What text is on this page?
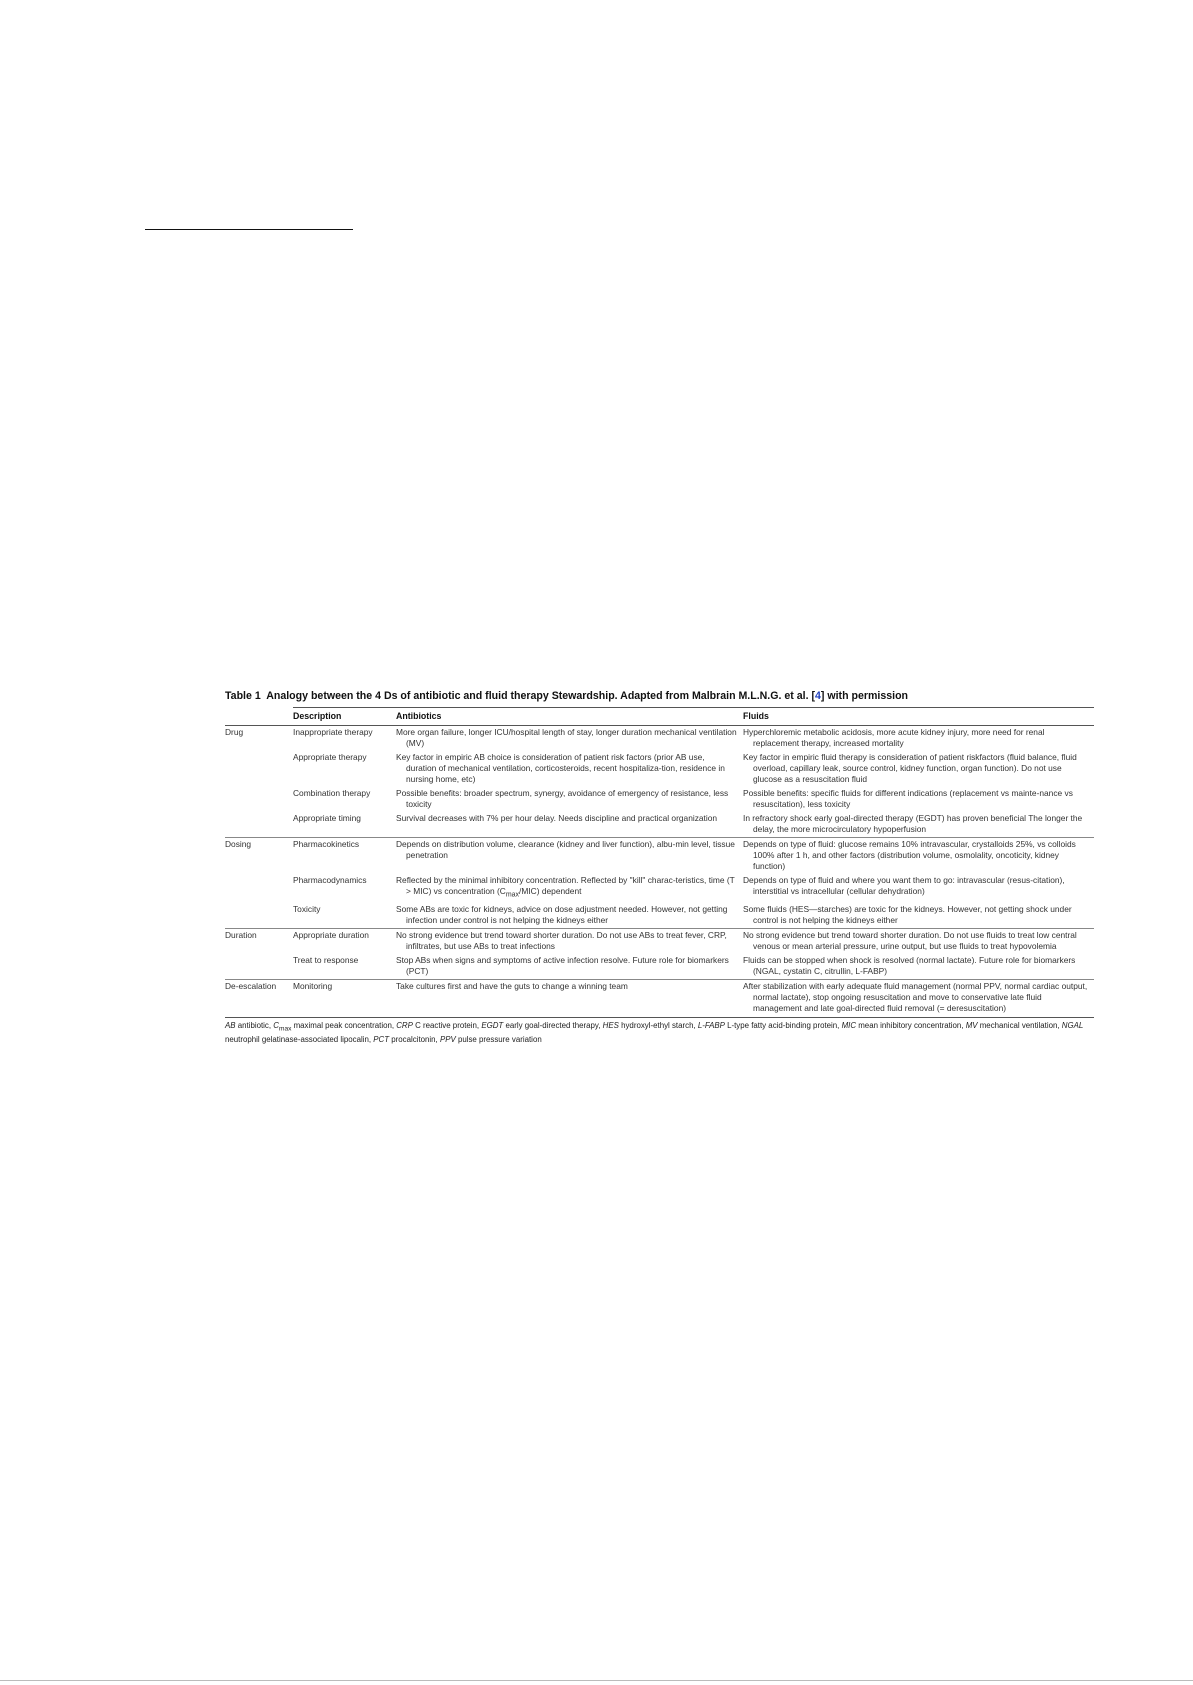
Table 1 Analogy between the 4 Ds of antibiotic and fluid therapy Stewardship. Adapted from Malbrain M.L.N.G. et al. [4] with permission
	Description	Antibiotics	Fluids
Drug	Inappropriate therapy	More organ failure, longer ICU/hospital length of stay, longer duration mechanical ventilation (MV)	Hyperchloremic metabolic acidosis, more acute kidney injury, more need for renal replacement therapy, increased mortality

	Appropriate therapy	Key factor in empiric AB choice is consideration of patient risk factors (prior AB use, duration of mechanical ventilation, corticosteroids, recent hospitaliza-tion, residence in nursing home, etc)	Key factor in empiric fluid therapy is consideration of patient riskfactors (fluid balance, fluid overload, capillary leak, source control, kidney function, organ function). Do not use glucose as a resuscitation fluid

	Combination therapy	Possible benefits: broader spectrum, synergy, avoidance of emergency of resistance, less toxicity	Possible benefits: specific fluids for different indications (replacement vs mainte-nance vs resuscitation), less toxicity

	Appropriate timing	Survival decreases with 7% per hour delay. Needs discipline and practical organization	In refractory shock early goal-directed therapy (EGDT) has proven beneficial The longer the delay, the more microcirculatory hypoperfusion

Dosing	Pharmacokinetics	Depends on distribution volume, clearance (kidney and liver function), albu-min level, tissue penetration	Depends on type of fluid: glucose remains 10% intravascular, crystalloids 25%, vs colloids 100% after 1 h, and other factors (distribution volume, osmolality, oncoticity, kidney function)

	Pharmacodynamics	Reflected by the minimal inhibitory concentration. Reflected by "kill" charac-teristics, time (T > MIC) vs concentration $(C_{max}/MIC)$ dependent	Depends on type of fluid and where you want them to go: intravascular (resus-citation), interstitial vs intracellular (cellular dehydration)

	Toxicity	Some ABs are toxic for kidneys, advice on dose adjustment needed. However, not getting infection under control is not helping the kidneys either	Some fluids (HES—starches) are toxic for the kidneys. However, not getting shock under control is not helping the kidneys either

Duration	Appropriate duration	No strong evidence but trend toward shorter duration. Do not use ABs to treat fever, CRP, infiltrates, but use ABs to treat infections	No strong evidence but trend toward shorter duration. Do not use fluids to treat low central venous or mean arterial pressure, urine output, but use fluids to treat hypovolemia

	Treat to response	Stop ABs when signs and symptoms of active infection resolve. Future role for biomarkers (PCT)	Fluids can be stopped when shock is resolved (normal lactate). Future role for biomarkers (NGAL, cystatin C, citrullin, L-FABP)

De-escalation	Monitoring	Take cultures first and have the guts to change a winning team	After stabilization with early adequate fluid management (normal PPV, normal cardiac output, normal lactate), stop ongoing resuscitation and move to conservative late fluid management and late goal-directed fluid removal (= deresuscitation)
AB antibiotic, $C_{max}$ maximal peak concentration, CRP C reactive protein, EGDT early goal-directed therapy, HES hydroxyl-ethyl starch, L-FABP L-type fatty acid-binding protein, MIC mean inhibitory concentration, MV mechanical ventilation, NGAL neutrophil gelatinase-associated lipocalin, PCT procalcitonin, PPV pulse pressure variation
